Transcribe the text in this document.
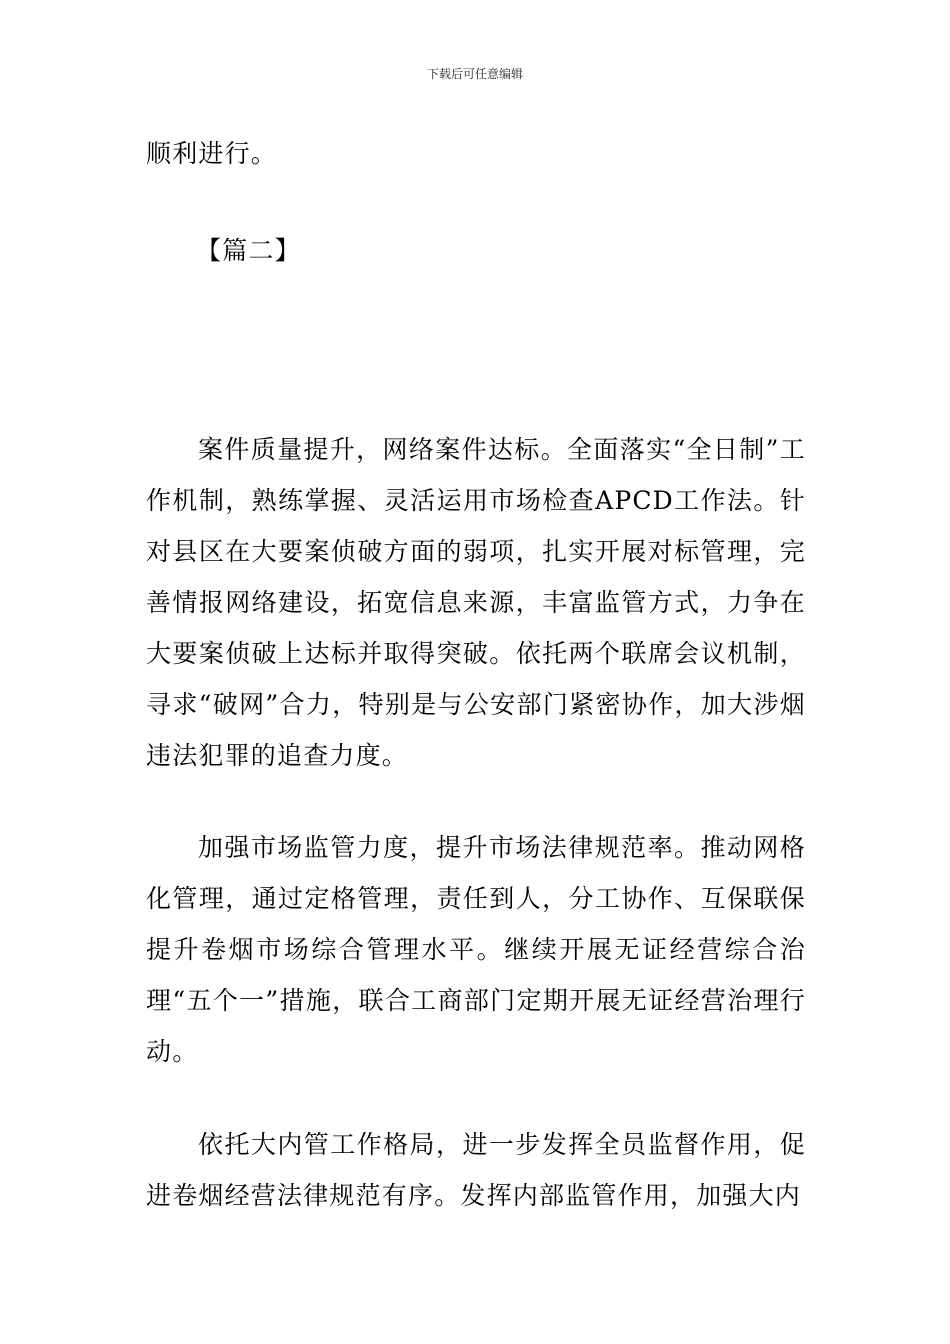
下载后可任意编辑
顺利进行。
【篇二】
案件质量提升，网络案件达标。全面落实“全日制”工作机制，熟练掌握、灵活运用市场检查APCD工作法。针对县区在大要案侦破方面的弱项，扎实开展对标管理，完善情报网络建设，拓宽信息来源，丰富监管方式，力争在大要案侦破上达标并取得突破。依托两个联席会议机制，寻求“破网”合力，特别是与公安部门紧密协作，加大涉烟违法犯罪的追查力度。
加强市场监管力度，提升市场法律规范率。推动网格化管理，通过定格管理，责任到人，分工协作、互保联保提升卷烟市场综合管理水平。继续开展无证经营综合治理“五个一”措施，联合工商部门定期开展无证经营治理行动。
依托大内管工作格局，进一步发挥全员监督作用，促进卷烟经营法律规范有序。发挥内部监管作用，加强大内
